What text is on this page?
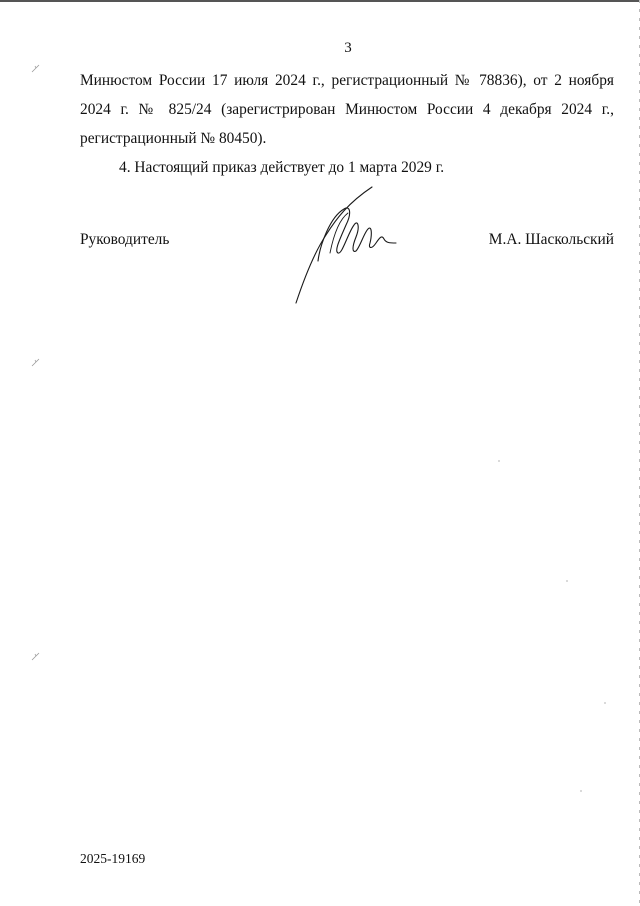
3
Минюстом России 17 июля 2024 г., регистрационный № 78836), от 2 ноября
2024 г. № 825/24 (зарегистрирован Минюстом России 4 декабря 2024 г.,
регистрационный № 80450).
4. Настоящий приказ действует до 1 марта 2029 г.
Руководитель	М.А. Шаскольский
2025-19169
